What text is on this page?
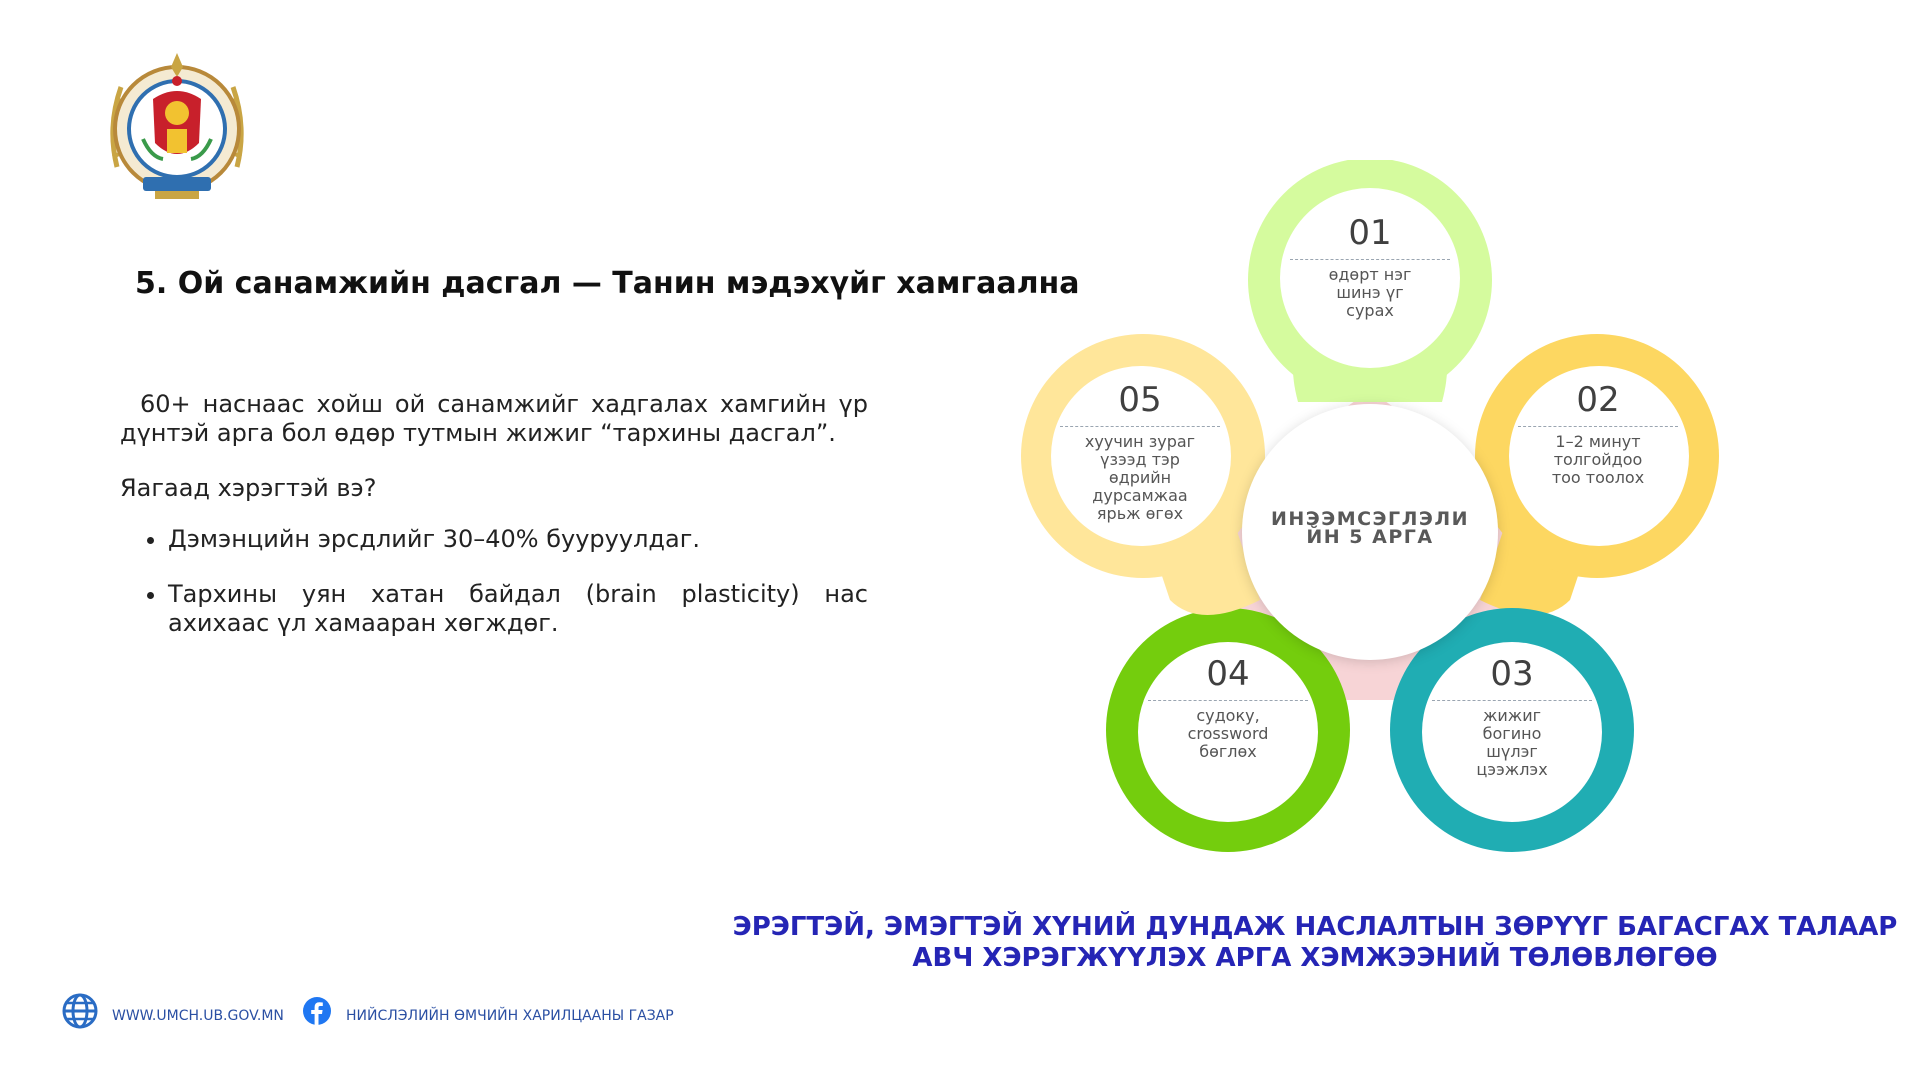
5. Ой санамжийн дасгал — Танин мэдэхүйг хамгаална

60+ наснаас хойш ой санамжийг хадгалах хамгийн үр дүнтэй арга бол өдөр тутмын жижиг “тархины дасгал”.

Яагаад хэрэгтэй вэ?

• Дэмэнцийн эрсдлийг 30–40% бууруулдаг.
• Тархины уян хатан байдал (brain plasticity) нас ахихаас үл хамааран хөгждөг.
01
өдөрт нэг
шинэ үг
сурах
02
1–2 минут
толгойдоо
тоо тоолох
03
жижиг
богино
шүлэг
цээжлэх
04
судоку,
crossword
бөглөх
05
хуучин зураг
үзээд тэр
өдрийн
дурсамжаа
ярьж өгөх	ИНЭЭМСЭГЛЭЛИ
ЙН 5 АРГА
ЭРЭГТЭЙ, ЭМЭГТЭЙ ХҮНИЙ ДУНДАЖ НАСЛАЛТЫН ЗӨРҮҮГ БАГАСГАХ ТАЛААР АВЧ ХЭРЭГЖҮҮЛЭХ АРГА ХЭМЖЭЭНИЙ ТӨЛӨВЛӨГӨӨ
WWW.UMCH.UB.GOV.MN	НИЙСЛЭЛИЙН ӨМЧИЙН ХАРИЛЦААНЫ ГАЗАР
